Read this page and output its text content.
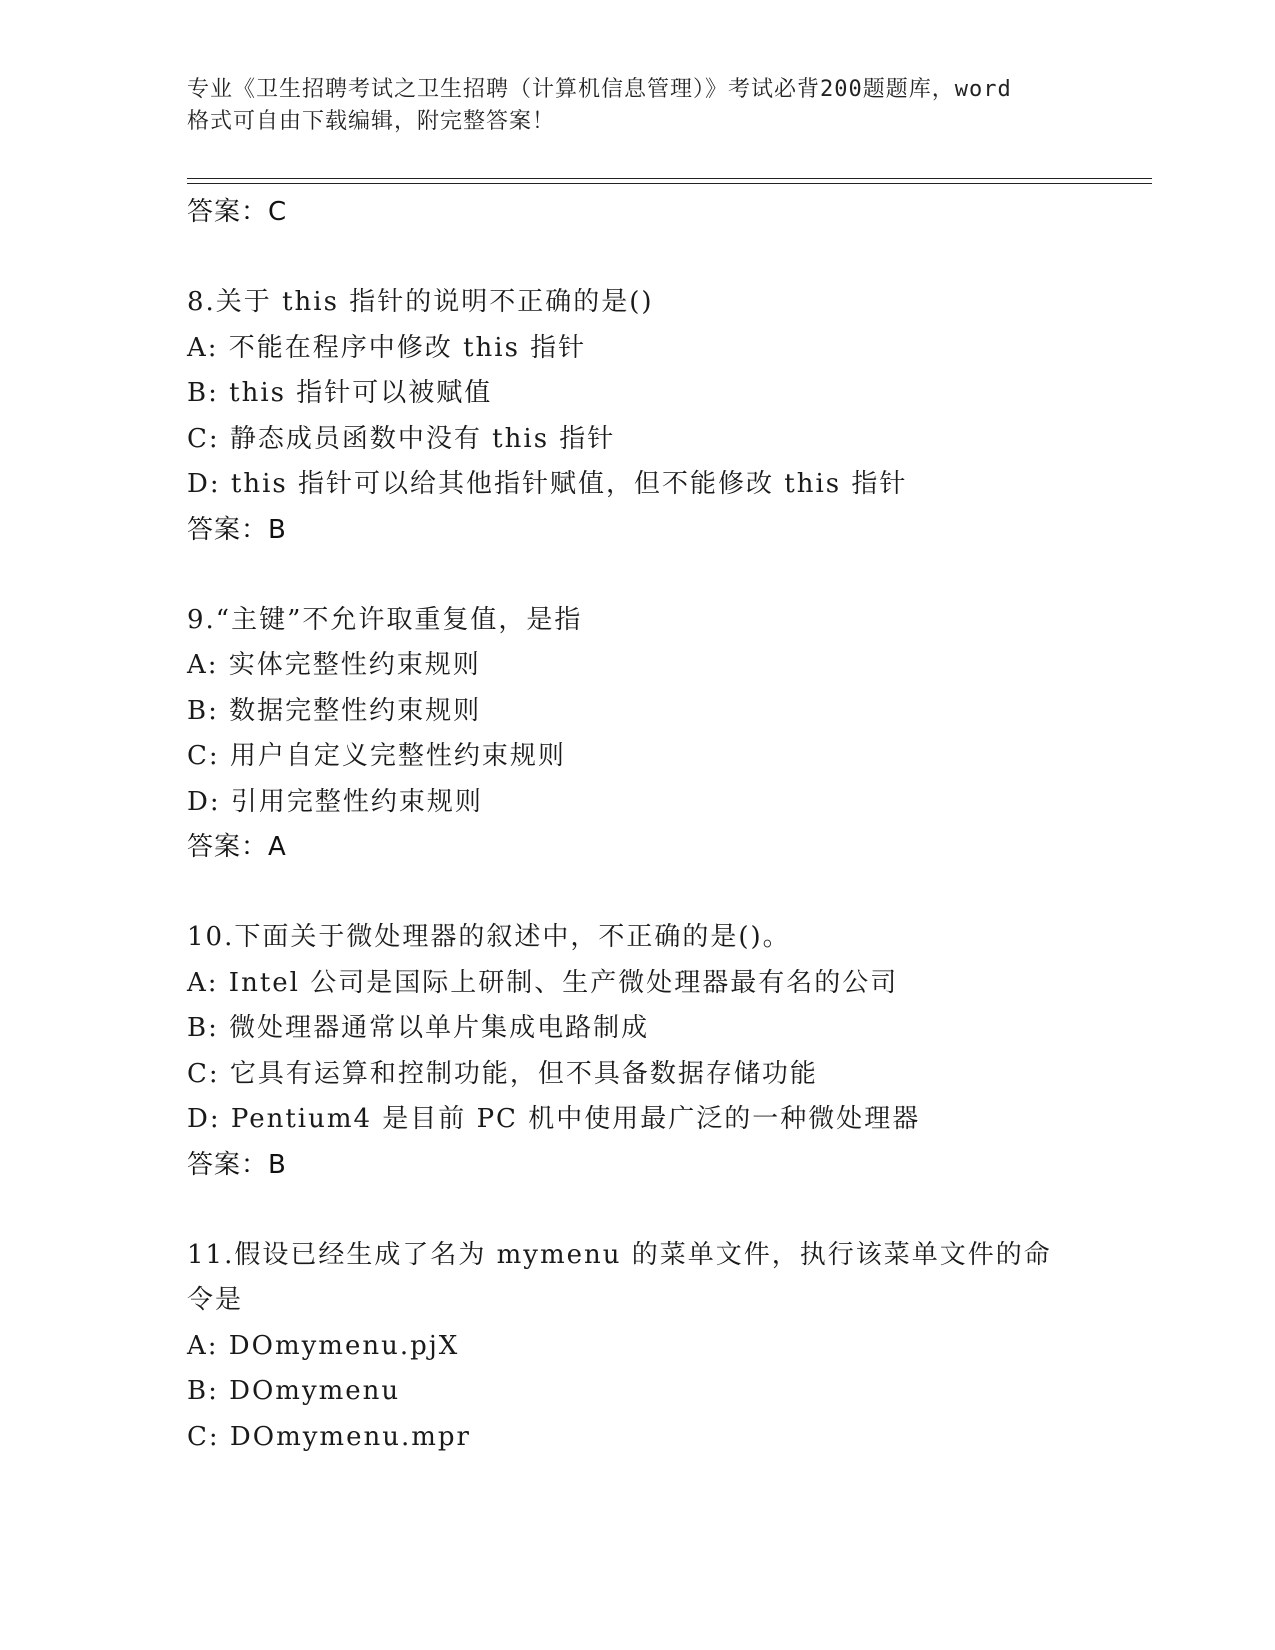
专业《卫生招聘考试之卫生招聘（计算机信息管理）》考试必背200题题库，word
格式可自由下载编辑，附完整答案！
答案：C
8.关于 this 指针的说明不正确的是()
A: 不能在程序中修改 this 指针
B: this 指针可以被赋值
C: 静态成员函数中没有 this 指针
D: this 指针可以给其他指针赋值，但不能修改 this 指针
答案：B
9.“主键”不允许取重复值，是指
A: 实体完整性约束规则
B: 数据完整性约束规则
C: 用户自定义完整性约束规则
D: 引用完整性约束规则
答案：A
10.下面关于微处理器的叙述中，不正确的是()。
A: Intel 公司是国际上研制、生产微处理器最有名的公司
B: 微处理器通常以单片集成电路制成
C: 它具有运算和控制功能，但不具备数据存储功能
D: Pentium4 是目前 PC 机中使用最广泛的一种微处理器
答案：B
11.假设已经生成了名为 mymenu 的菜单文件，执行该菜单文件的命令是
A: DOmymenu.pjX
B: DOmymenu
C: DOmymenu.mpr
